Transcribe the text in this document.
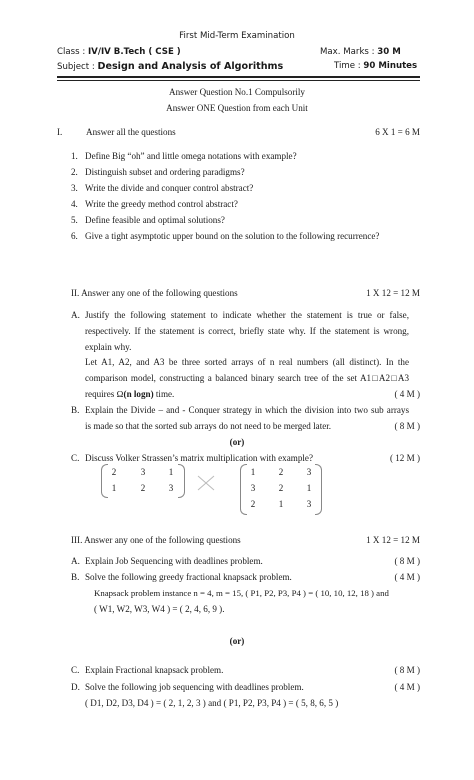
First Mid-Term Examination
Class : IV/IV B.Tech ( CSE )	Max. Marks : 30 M
Subject : Design and Analysis of Algorithms	Time : 90 Minutes
Answer Question No.1 Compulsorily
Answer ONE Question from each Unit
I.	Answer all the questions	6 X 1 = 6 M
1. Define Big “oh” and little omega notations with example?
2. Distinguish subset and ordering paradigms?
3. Write the divide and conquer control abstract?
4. Write the greedy method control abstract?
5. Define feasible and optimal solutions?
6. Give a tight asymptotic upper bound on the solution to the following recurrence?
II. Answer any one of the following questions	1 X 12 = 12 M
A. Justify the following statement to indicate whether the statement is true or false,
respectively. If the statement is correct, briefly state why. If the statement is wrong,
explain why.
Let A1, A2, and A3 be three sorted arrays of n real numbers (all distinct). In the
comparison model, constructing a balanced binary search tree of the set A1□A2□A3
requires Ω(n logn) time.	( 4 M )
B. Explain the Divide – and - Conquer strategy in which the division into two sub arrays
is made so that the sorted sub arrays do not need to be merged later.	( 8 M )
(or)
C. Discuss Volker Strassen’s matrix multiplication with example?	( 12 M )
2	3	1
1	2	3
1	2	3
3	2	1
2	1	3
III. Answer any one of the following questions	1 X 12 = 12 M
A. Explain Job Sequencing with deadlines problem.	( 8 M )
B. Solve the following greedy fractional knapsack problem.	( 4 M )
Knapsack problem instance n = 4, m = 15, ( P1, P2, P3, P4 ) = ( 10, 10, 12, 18 ) and
( W1, W2, W3, W4 ) = ( 2, 4, 6, 9 ).
(or)
C. Explain Fractional knapsack problem.	( 8 M )
D. Solve the following job sequencing with deadlines problem.	( 4 M )
( D1, D2, D3, D4 ) = ( 2, 1, 2, 3 ) and ( P1, P2, P3, P4 ) = ( 5, 8, 6, 5 )
